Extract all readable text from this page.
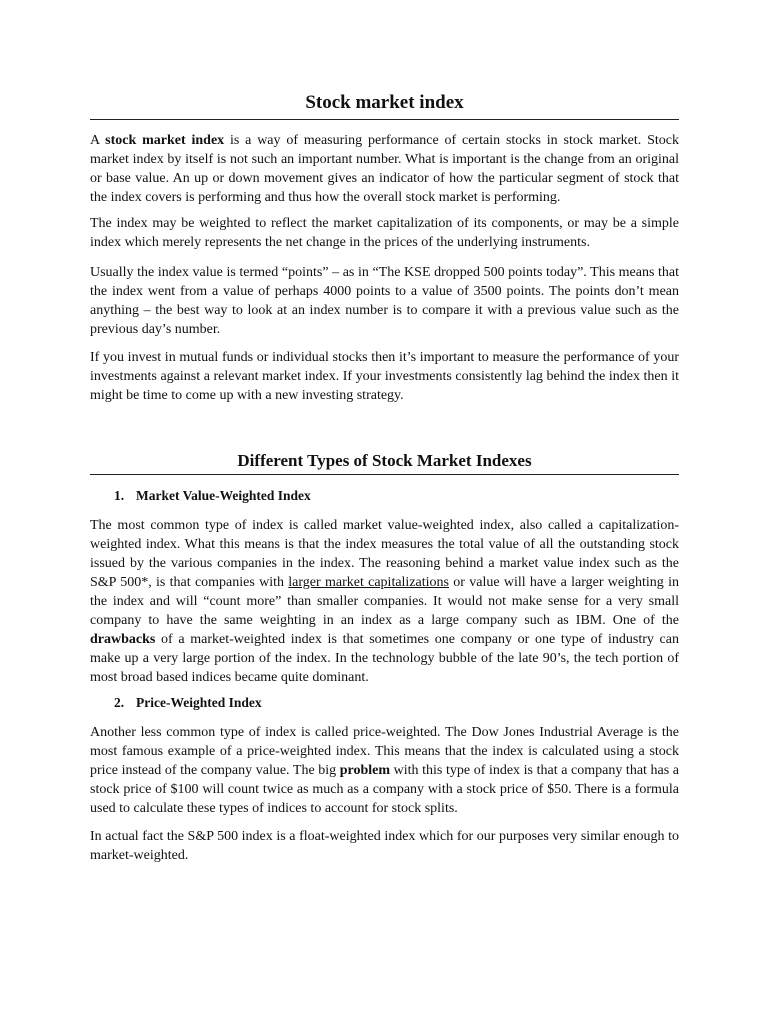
Stock market index
A stock market index is a way of measuring performance of certain stocks in stock market. Stock market index by itself is not such an important number. What is important is the change from an original or base value. An up or down movement gives an indicator of how the particular segment of stock that the index covers is performing and thus how the overall stock market is performing.
The index may be weighted to reflect the market capitalization of its components, or may be a simple index which merely represents the net change in the prices of the underlying instruments.
Usually the index value is termed “points” – as in “The KSE dropped 500 points today”. This means that the index went from a value of perhaps 4000 points to a value of 3500 points. The points don’t mean anything – the best way to look at an index number is to compare it with a previous value such as the previous day’s number.
If you invest in mutual funds or individual stocks then it’s important to measure the performance of your investments against a relevant market index. If your investments consistently lag behind the index then it might be time to come up with a new investing strategy.
Different Types of Stock Market Indexes
1. Market Value-Weighted Index
The most common type of index is called market value-weighted index, also called a capitalization-weighted index. What this means is that the index measures the total value of all the outstanding stock issued by the various companies in the index. The reasoning behind a market value index such as the S&P 500*, is that companies with larger market capitalizations or value will have a larger weighting in the index and will “count more” than smaller companies. It would not make sense for a very small company to have the same weighting in an index as a large company such as IBM. One of the drawbacks of a market-weighted index is that sometimes one company or one type of industry can make up a very large portion of the index. In the technology bubble of the late 90’s, the tech portion of most broad based indices became quite dominant.
2. Price-Weighted Index
Another less common type of index is called price-weighted. The Dow Jones Industrial Average is the most famous example of a price-weighted index. This means that the index is calculated using a stock price instead of the company value. The big problem with this type of index is that a company that has a stock price of $100 will count twice as much as a company with a stock price of $50. There is a formula used to calculate these types of indices to account for stock splits.
In actual fact the S&P 500 index is a float-weighted index which for our purposes very similar enough to market-weighted.
